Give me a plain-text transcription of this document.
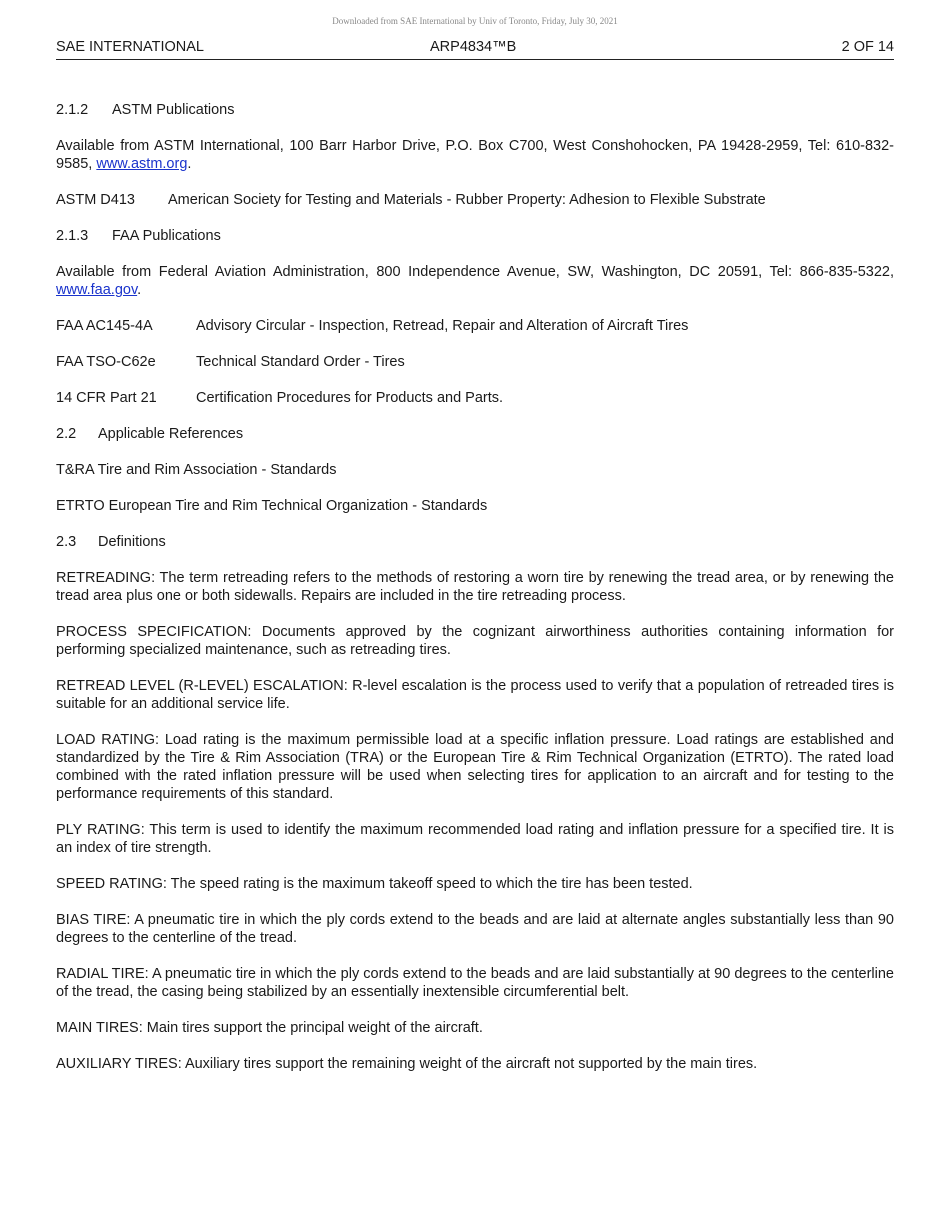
Downloaded from SAE International by Univ of Toronto, Friday, July 30, 2021
SAE INTERNATIONAL	ARP4834™B	2 OF 14
2.1.2 ASTM Publications

Available from ASTM International, 100 Barr Harbor Drive, P.O. Box C700, West Conshohocken, PA 19428-2959, Tel: 610-832-9585, www.astm.org.

ASTM D413 American Society for Testing and Materials - Rubber Property: Adhesion to Flexible Substrate
2.1.3 FAA Publications

Available from Federal Aviation Administration, 800 Independence Avenue, SW, Washington, DC 20591, Tel: 866-835-5322, www.faa.gov.

FAA AC145-4A	Advisory Circular - Inspection, Retread, Repair and Alteration of Aircraft Tires
FAA TSO-C62e	Technical Standard Order - Tires
14 CFR Part 21	Certification Procedures for Products and Parts.
2.2 Applicable References

T&RA Tire and Rim Association - Standards

ETRTO European Tire and Rim Technical Organization - Standards

2.3 Definitions

RETREADING: The term retreading refers to the methods of restoring a worn tire by renewing the tread area, or by renewing the tread area plus one or both sidewalls. Repairs are included in the tire retreading process.

PROCESS SPECIFICATION: Documents approved by the cognizant airworthiness authorities containing information for performing specialized maintenance, such as retreading tires.

RETREAD LEVEL (R-LEVEL) ESCALATION: R-level escalation is the process used to verify that a population of retreaded tires is suitable for an additional service life.

LOAD RATING: Load rating is the maximum permissible load at a specific inflation pressure. Load ratings are established and standardized by the Tire & Rim Association (TRA) or the European Tire & Rim Technical Organization (ETRTO). The rated load combined with the rated inflation pressure will be used when selecting tires for application to an aircraft and for testing to the performance requirements of this standard.

PLY RATING: This term is used to identify the maximum recommended load rating and inflation pressure for a specified tire. It is an index of tire strength.

SPEED RATING: The speed rating is the maximum takeoff speed to which the tire has been tested.

BIAS TIRE: A pneumatic tire in which the ply cords extend to the beads and are laid at alternate angles substantially less than 90 degrees to the centerline of the tread.

RADIAL TIRE: A pneumatic tire in which the ply cords extend to the beads and are laid substantially at 90 degrees to the centerline of the tread, the casing being stabilized by an essentially inextensible circumferential belt.

MAIN TIRES: Main tires support the principal weight of the aircraft.

AUXILIARY TIRES: Auxiliary tires support the remaining weight of the aircraft not supported by the main tires.
